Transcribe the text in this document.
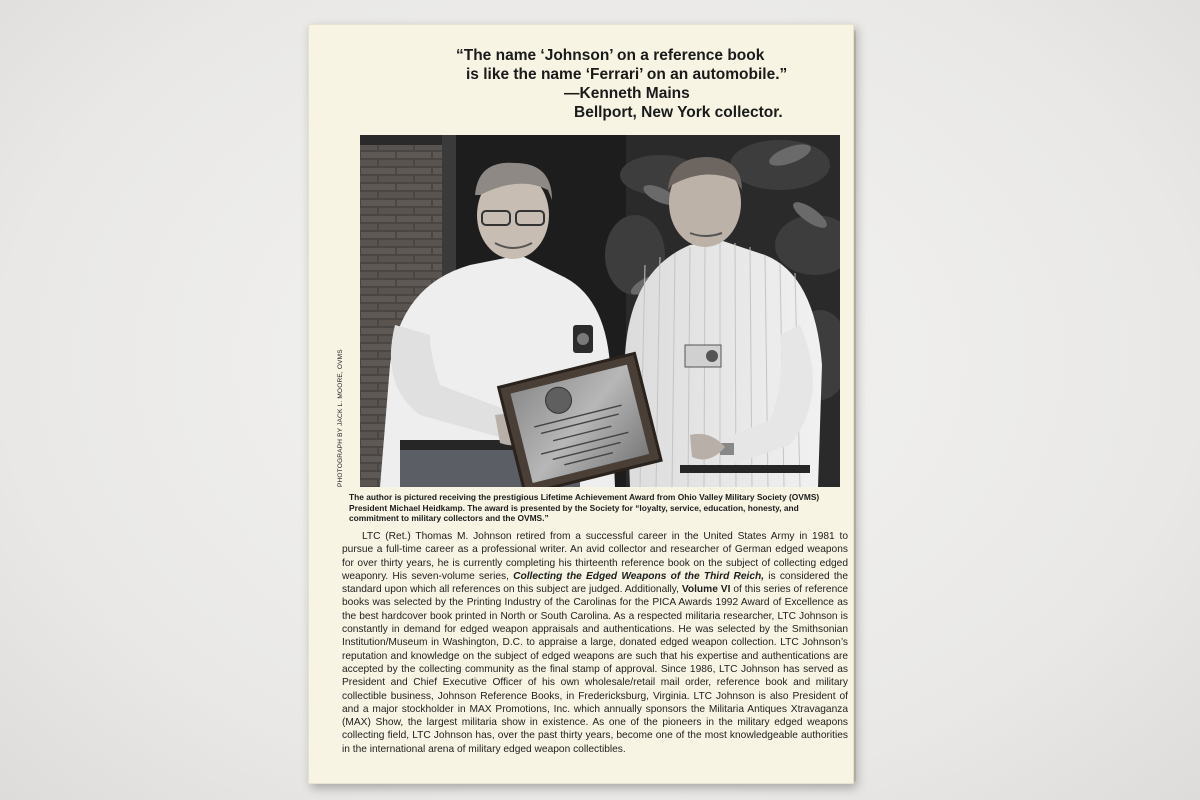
“The name ‘Johnson’ on a reference book
is like the name ‘Ferrari’ on an automobile.”
—Kenneth Mains
Bellport, New York collector.
PHOTOGRAPH BY JACK L. MOORE, OVMS
The author is pictured receiving the prestigious Lifetime Achievement Award from Ohio Valley Military Society (OVMS) President Michael Heidkamp. The award is presented by the Society for “loyalty, service, education, honesty, and commitment to military collectors and the OVMS.”
LTC (Ret.) Thomas M. Johnson retired from a successful career in the United States Army in 1981 to pursue a full-time career as a professional writer. An avid collector and researcher of German edged weapons for over thirty years, he is currently completing his thirteenth reference book on the subject of collecting edged weaponry. His seven-volume series, Collecting the Edged Weapons of the Third Reich, is considered the standard upon which all references on this subject are judged. Additionally, Volume VI of this series of reference books was selected by the Printing Industry of the Carolinas for the PICA Awards 1992 Award of Excellence as the best hardcover book printed in North or South Carolina. As a respected militaria researcher, LTC Johnson is constantly in demand for edged weapon appraisals and authentications. He was selected by the Smithsonian Institution/Museum in Washington, D.C. to appraise a large, donated edged weapon collection. LTC Johnson’s reputation and knowledge on the subject of edged weapons are such that his expertise and authentications are accepted by the collecting community as the final stamp of approval. Since 1986, LTC Johnson has served as President and Chief Executive Officer of his own wholesale/retail mail order, reference book and military collectible business, Johnson Reference Books, in Fredericksburg, Virginia. LTC Johnson is also President of and a major stockholder in MAX Promotions, Inc. which annually sponsors the Militaria Antiques Xtravaganza (MAX) Show, the largest militaria show in existence. As one of the pioneers in the military edged weapons collecting field, LTC Johnson has, over the past thirty years, become one of the most knowledgeable authorities in the international arena of military edged weapon collectibles.
